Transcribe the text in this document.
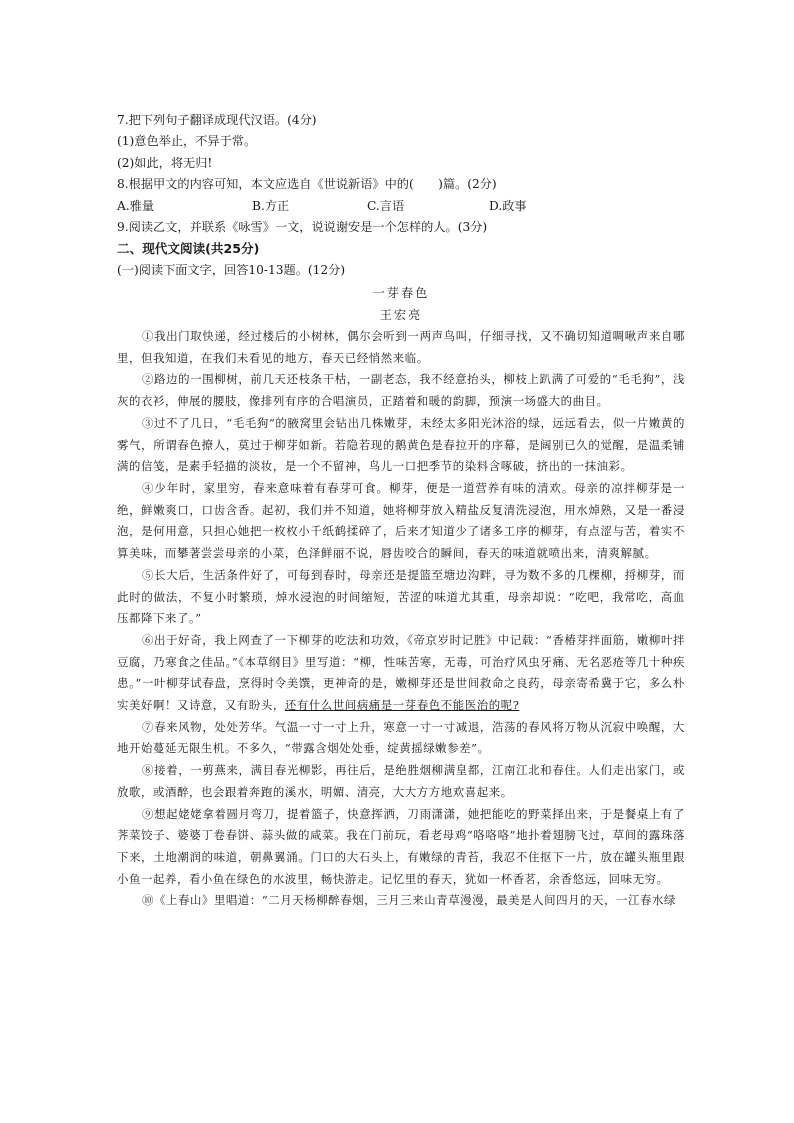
7.把下列句子翻译成现代汉语。(4分)
(1)意色举止，不异于常。
(2)如此，将无归!
8.根据甲文的内容可知，本文应选自《世说新语》中的(　　)篇。(2分)
A.雅量	B.方正	C.言语	D.政事
9.阅读乙文，并联系《咏雪》一文，说说谢安是一个怎样的人。(3分)
二、现代文阅读(共25分)
(一)阅读下面文字，回答10-13题。(12分)
一芽春色
王宏亮

①我出门取快递，经过楼后的小树林，偶尔会听到一两声鸟叫，仔细寻找，又不确切知道啁啾声来自哪里，但我知道，在我们未看见的地方，春天已经悄然来临。

②路边的一围柳树，前几天还枝条干枯，一副老态，我不经意抬头，柳枝上趴满了可爱的“毛毛狗”，浅灰的衣衫，伸展的腰肢，像排列有序的合唱演员，正踏着和暖的韵脚，预演一场盛大的曲目。

③过不了几日，“毛毛狗”的腋窝里会钻出几株嫩芽，未经太多阳光沐浴的绿，远远看去，似一片嫩黄的雾气，所谓春色撩人，莫过于柳芽如新。若隐若现的鹅黄色是春拉开的序幕，是阔别已久的觉醒，是温柔铺满的信笺，是素手轻描的淡妆，是一个不留神，鸟儿一口把季节的染料含啄破，挤出的一抹油彩。

④少年时，家里穷，春来意味着有春芽可食。柳芽，便是一道营养有味的清欢。母亲的凉拌柳芽是一绝，鲜嫩爽口，口齿含香。起初，我们并不知道，她将柳芽放入精盐反复清洗浸泡，用水焯熟，又是一番浸泡，是何用意，只担心她把一枚枚小千纸鹤揉碎了，后来才知道少了诸多工序的柳芽，有点涩与苦，着实不算美味，而攀著尝尝母亲的小菜，色泽鲜丽不说，唇齿咬合的瞬间，春天的味道就喷出来，清爽解腻。

⑤长大后，生活条件好了，可每到春时，母亲还是提篮至塘边沟畔，寻为数不多的几棵柳，捋柳芽，而此时的做法，不复小时繁琐，焯水浸泡的时间缩短，苦涩的味道尤其重，母亲却说：“吃吧，我常吃，高血压都降下来了。”

⑥出于好奇，我上网查了一下柳芽的吃法和功效，《帝京岁时记胜》中记载：“香椿芽拌面筋，嫩柳叶拌豆腐，乃寒食之佳品。”《本草纲目》里写道：“柳，性味苦寒，无毒，可治疗风虫牙痛、无名恶疮等几十种疾患。”一叶柳芽试春盘，烹得时令美馔，更神奇的是，嫩柳芽还是世间救命之良药，母亲寄希冀于它，多么朴实美好啊！又诗意，又有盼头，还有什么世间病痛是一芽春色不能医治的呢?

⑦春来风物，处处芳华。气温一寸一寸上升，寒意一寸一寸减退，浩荡的春风将万物从沉寂中唤醒，大地开始蔓延无限生机。不多久，“带露含烟处处垂，绽黄摇绿嫩参差”。

⑧接着，一剪燕来，满目春光柳影，再往后，是绝胜烟柳满皇都，江南江北和春住。人们走出家门，或放歌，或酒醉，也会跟着奔跑的溪水，明媚、清亮，大大方方地欢喜起来。

⑨想起姥姥拿着圆月弯刀，提着篮子，快意挥洒，刀雨潇潇，她把能吃的野菜择出来，于是餐桌上有了荠菜饺子、婆婆丁卷春饼、蒜头做的咸菜。我在门前玩，看老母鸡“咯咯咯”地扑着翅膀飞过，草间的露珠落下来，土地潮润的味道，朝鼻翼涌。门口的大石头上，有嫩绿的青苔，我忍不住抠下一片，放在罐头瓶里跟小鱼一起养，看小鱼在绿色的水波里，畅快游走。记忆里的春天，犹如一杯香茗，余香悠远，回味无穷。

⑩《上春山》里唱道：“二月天杨柳醉春烟，三月三来山青草漫漫，最美是人间四月的天，一江春水绿
